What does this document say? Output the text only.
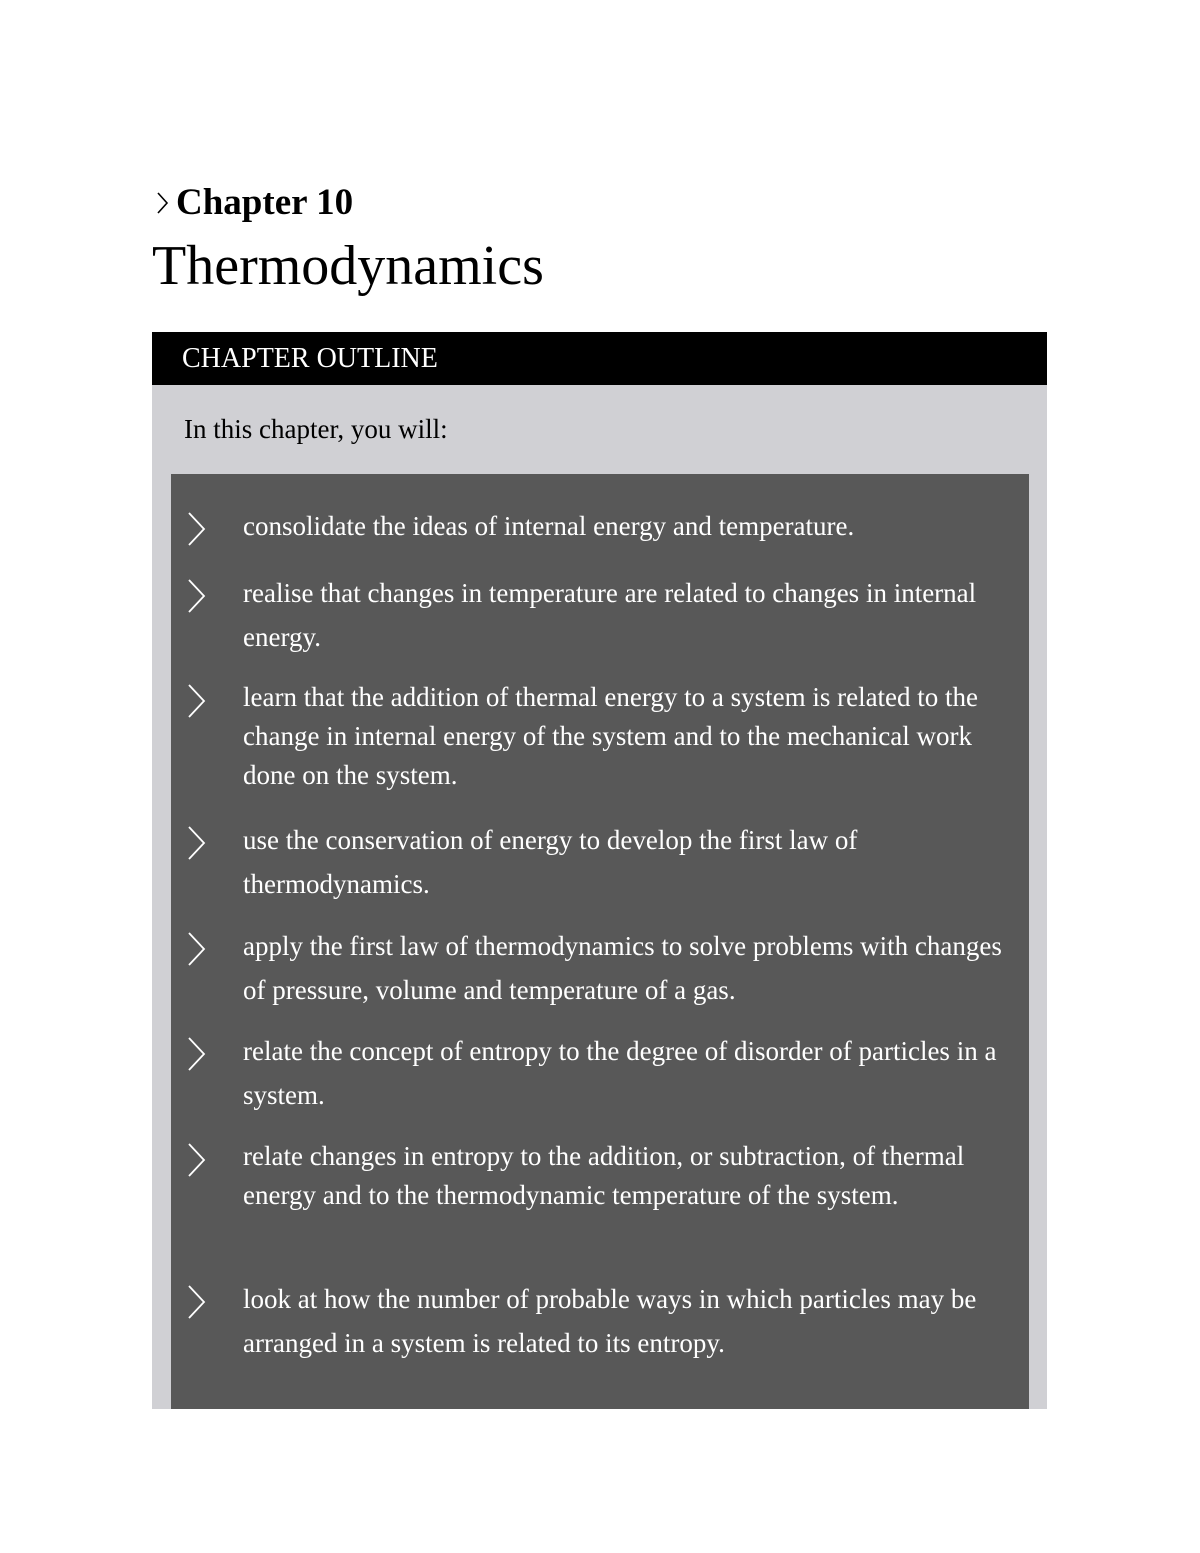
Chapter 10
Thermodynamics
CHAPTER OUTLINE
In this chapter, you will:
consolidate the ideas of internal energy and temperature.
realise that changes in temperature are related to changes in internal energy.
learn that the addition of thermal energy to a system is related to the change in internal energy of the system and to the mechanical work done on the system.
use the conservation of energy to develop the first law of thermodynamics.
apply the first law of thermodynamics to solve problems with changes of pressure, volume and temperature of a gas.
relate the concept of entropy to the degree of disorder of particles in a system.
relate changes in entropy to the addition, or subtraction, of thermal energy and to the thermodynamic temperature of the system.
look at how the number of probable ways in which particles may be arranged in a system is related to its entropy.
